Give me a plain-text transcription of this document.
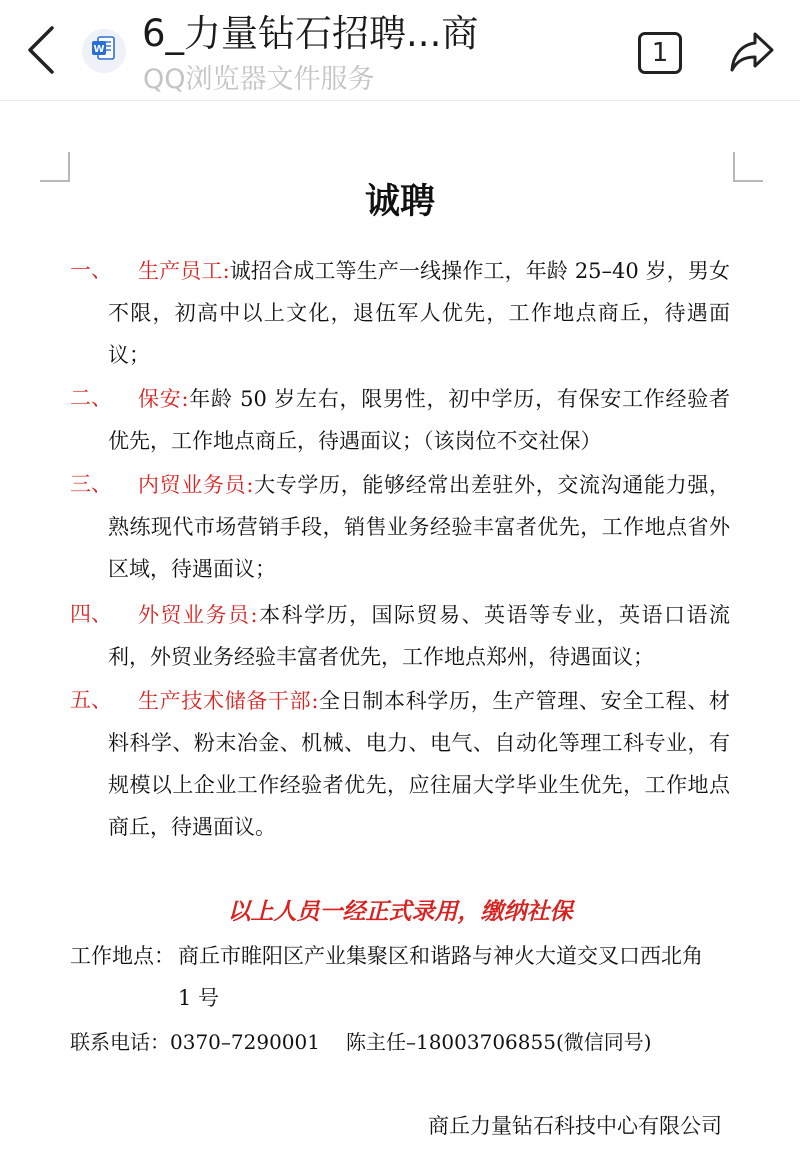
W 6_力量钻石招聘...商
QQ浏览器文件服务
1
诚聘
一、	生产员工:诚招合成工等生产一线操作工，年龄 25–40 岁，男女不限，初高中以上文化，退伍军人优先，工作地点商丘，待遇面议；
二、	保安:年龄 50 岁左右，限男性，初中学历，有保安工作经验者优先，工作地点商丘，待遇面议；（该岗位不交社保）
三、	内贸业务员:大专学历，能够经常出差驻外，交流沟通能力强，熟练现代市场营销手段，销售业务经验丰富者优先，工作地点省外区域，待遇面议；
四、	外贸业务员:本科学历，国际贸易、英语等专业，英语口语流利，外贸业务经验丰富者优先，工作地点郑州，待遇面议；
五、	生产技术储备干部:全日制本科学历，生产管理、安全工程、材料科学、粉末冶金、机械、电力、电气、自动化等理工科专业，有规模以上企业工作经验者优先，应往届大学毕业生优先，工作地点商丘，待遇面议。
以上人员一经正式录用，缴纳社保
工作地点： 商丘市睢阳区产业集聚区和谐路与神火大道交叉口西北角
1 号
联系电话：0370–7290001 陈主任–18003706855(微信同号)
商丘力量钻石科技中心有限公司
